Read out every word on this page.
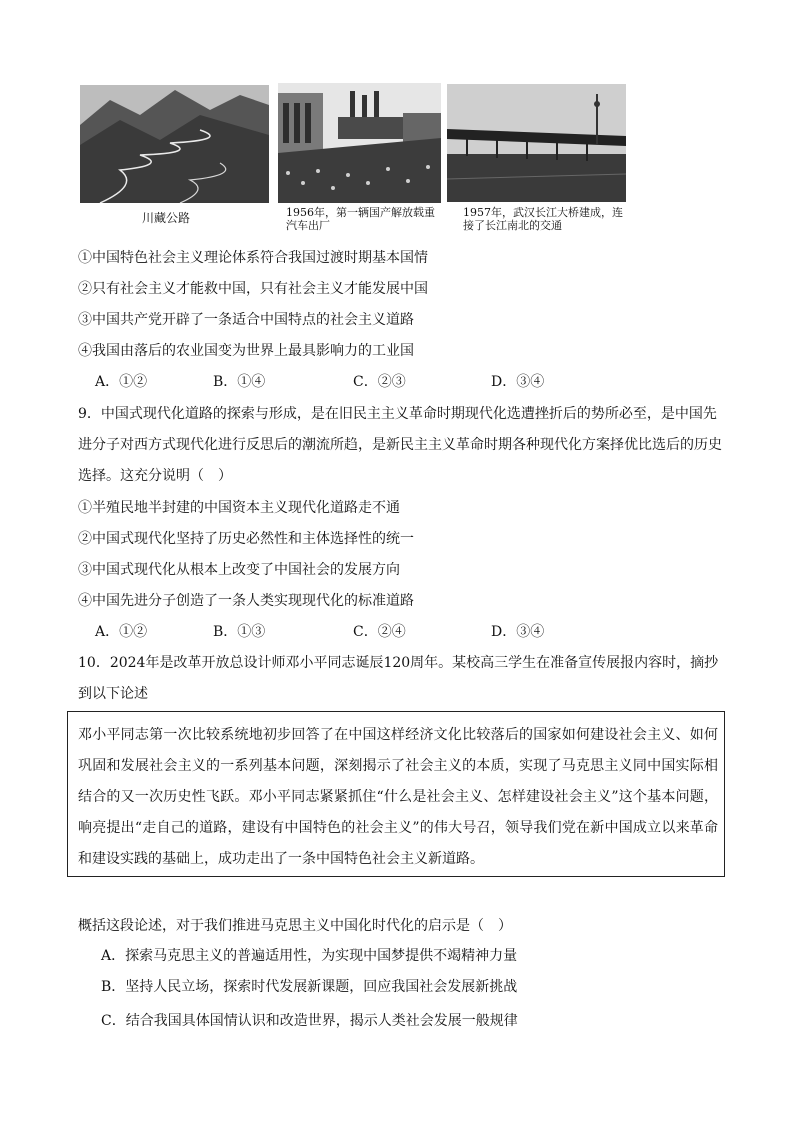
川藏公路	1956年，第一辆国产解放载重汽车出厂
1957年，武汉长江大桥建成，连接了长江南北的交通
①中国特色社会主义理论体系符合我国过渡时期基本国情
②只有社会主义才能救中国，只有社会主义才能发展中国
③中国共产党开辟了一条适合中国特点的社会主义道路
④我国由落后的农业国变为世界上最具影响力的工业国
A．①②	B．①④	C．②③	D．③④
9．中国式现代化道路的探索与形成，是在旧民主主义革命时期现代化选遭挫折后的势所必至，是中国先进分子对西方式现代化进行反思后的潮流所趋，是新民主主义革命时期各种现代化方案择优比选后的历史选择。这充分说明（　）
①半殖民地半封建的中国资本主义现代化道路走不通
②中国式现代化坚持了历史必然性和主体选择性的统一
③中国式现代化从根本上改变了中国社会的发展方向
④中国先进分子创造了一条人类实现现代化的标准道路
A．①②	B．①③	C．②④	D．③④
10．2024年是改革开放总设计师邓小平同志诞辰120周年。某校高三学生在准备宣传展报内容时，摘抄到以下论述
邓小平同志第一次比较系统地初步回答了在中国这样经济文化比较落后的国家如何建设社会主义、如何巩固和发展社会主义的一系列基本问题，深刻揭示了社会主义的本质，实现了马克思主义同中国实际相结合的又一次历史性飞跃。邓小平同志紧紧抓住“什么是社会主义、怎样建设社会主义”这个基本问题，响亮提出“走自己的道路，建设有中国特色的社会主义”的伟大号召，领导我们党在新中国成立以来革命和建设实践的基础上，成功走出了一条中国特色社会主义新道路。
概括这段论述，对于我们推进马克思主义中国化时代化的启示是（　）
A．探索马克思主义的普遍适用性，为实现中国梦提供不竭精神力量
B．坚持人民立场，探索时代发展新课题，回应我国社会发展新挑战
C．结合我国具体国情认识和改造世界，揭示人类社会发展一般规律
